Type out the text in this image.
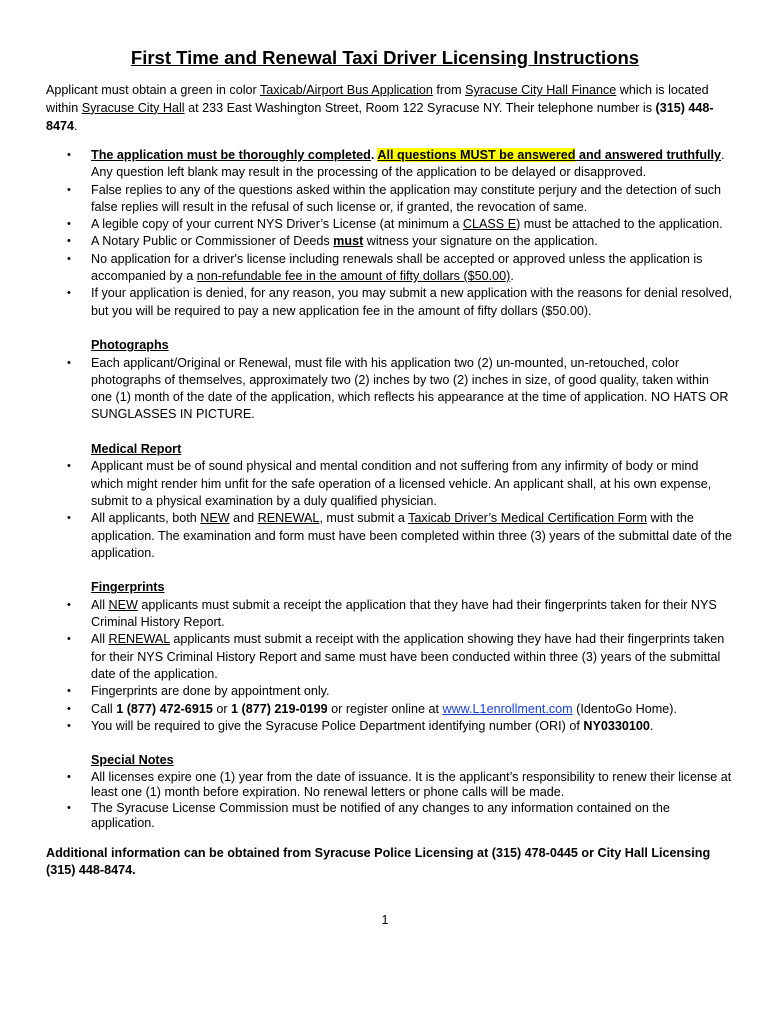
First Time and Renewal Taxi Driver Licensing Instructions

Applicant must obtain a green in color Taxicab/Airport Bus Application from Syracuse City Hall Finance which is located within Syracuse City Hall at 233 East Washington Street, Room 122 Syracuse NY. Their telephone number is (315) 448-8474.

• The application must be thoroughly completed. All questions MUST be answered and answered truthfully. Any question left blank may result in the processing of the application to be delayed or disapproved.

• False replies to any of the questions asked within the application may constitute perjury and the detection of such false replies will result in the refusal of such license or, if granted, the revocation of same.

• A legible copy of your current NYS Driver’s License (at minimum a CLASS E) must be attached to the application.

• A Notary Public or Commissioner of Deeds must witness your signature on the application.

• No application for a driver's license including renewals shall be accepted or approved unless the application is accompanied by a non-refundable fee in the amount of fifty dollars ($50.00).

• If your application is denied, for any reason, you may submit a new application with the reasons for denial resolved, but you will be required to pay a new application fee in the amount of fifty dollars ($50.00).

Photographs

• Each applicant/Original or Renewal, must file with his application two (2) un-mounted, un-retouched, color photographs of themselves, approximately two (2) inches by two (2) inches in size, of good quality, taken within one (1) month of the date of the application, which reflects his appearance at the time of application. NO HATS OR SUNGLASSES IN PICTURE.

Medical Report

• Applicant must be of sound physical and mental condition and not suffering from any infirmity of body or mind which might render him unfit for the safe operation of a licensed vehicle. An applicant shall, at his own expense, submit to a physical examination by a duly qualified physician.

• All applicants, both NEW and RENEWAL, must submit a Taxicab Driver’s Medical Certification Form with the application. The examination and form must have been completed within three (3) years of the submittal date of the application.

Fingerprints

• All NEW applicants must submit a receipt the application that they have had their fingerprints taken for their NYS Criminal History Report.

• All RENEWAL applicants must submit a receipt with the application showing they have had their fingerprints taken for their NYS Criminal History Report and same must have been conducted within three (3) years of the submittal date of the application.

• Fingerprints are done by appointment only.

• Call 1 (877) 472-6915 or 1 (877) 219-0199 or register online at www.L1enrollment.com (IdentoGo Home).

• You will be required to give the Syracuse Police Department identifying number (ORI) of NY0330100.

Special Notes

• All licenses expire one (1) year from the date of issuance. It is the applicant’s responsibility to renew their license at least one (1) month before expiration. No renewal letters or phone calls will be made.

• The Syracuse License Commission must be notified of any changes to any information contained on the application.

Additional information can be obtained from Syracuse Police Licensing at (315) 478-0445 or City Hall Licensing (315) 448-8474.

1
